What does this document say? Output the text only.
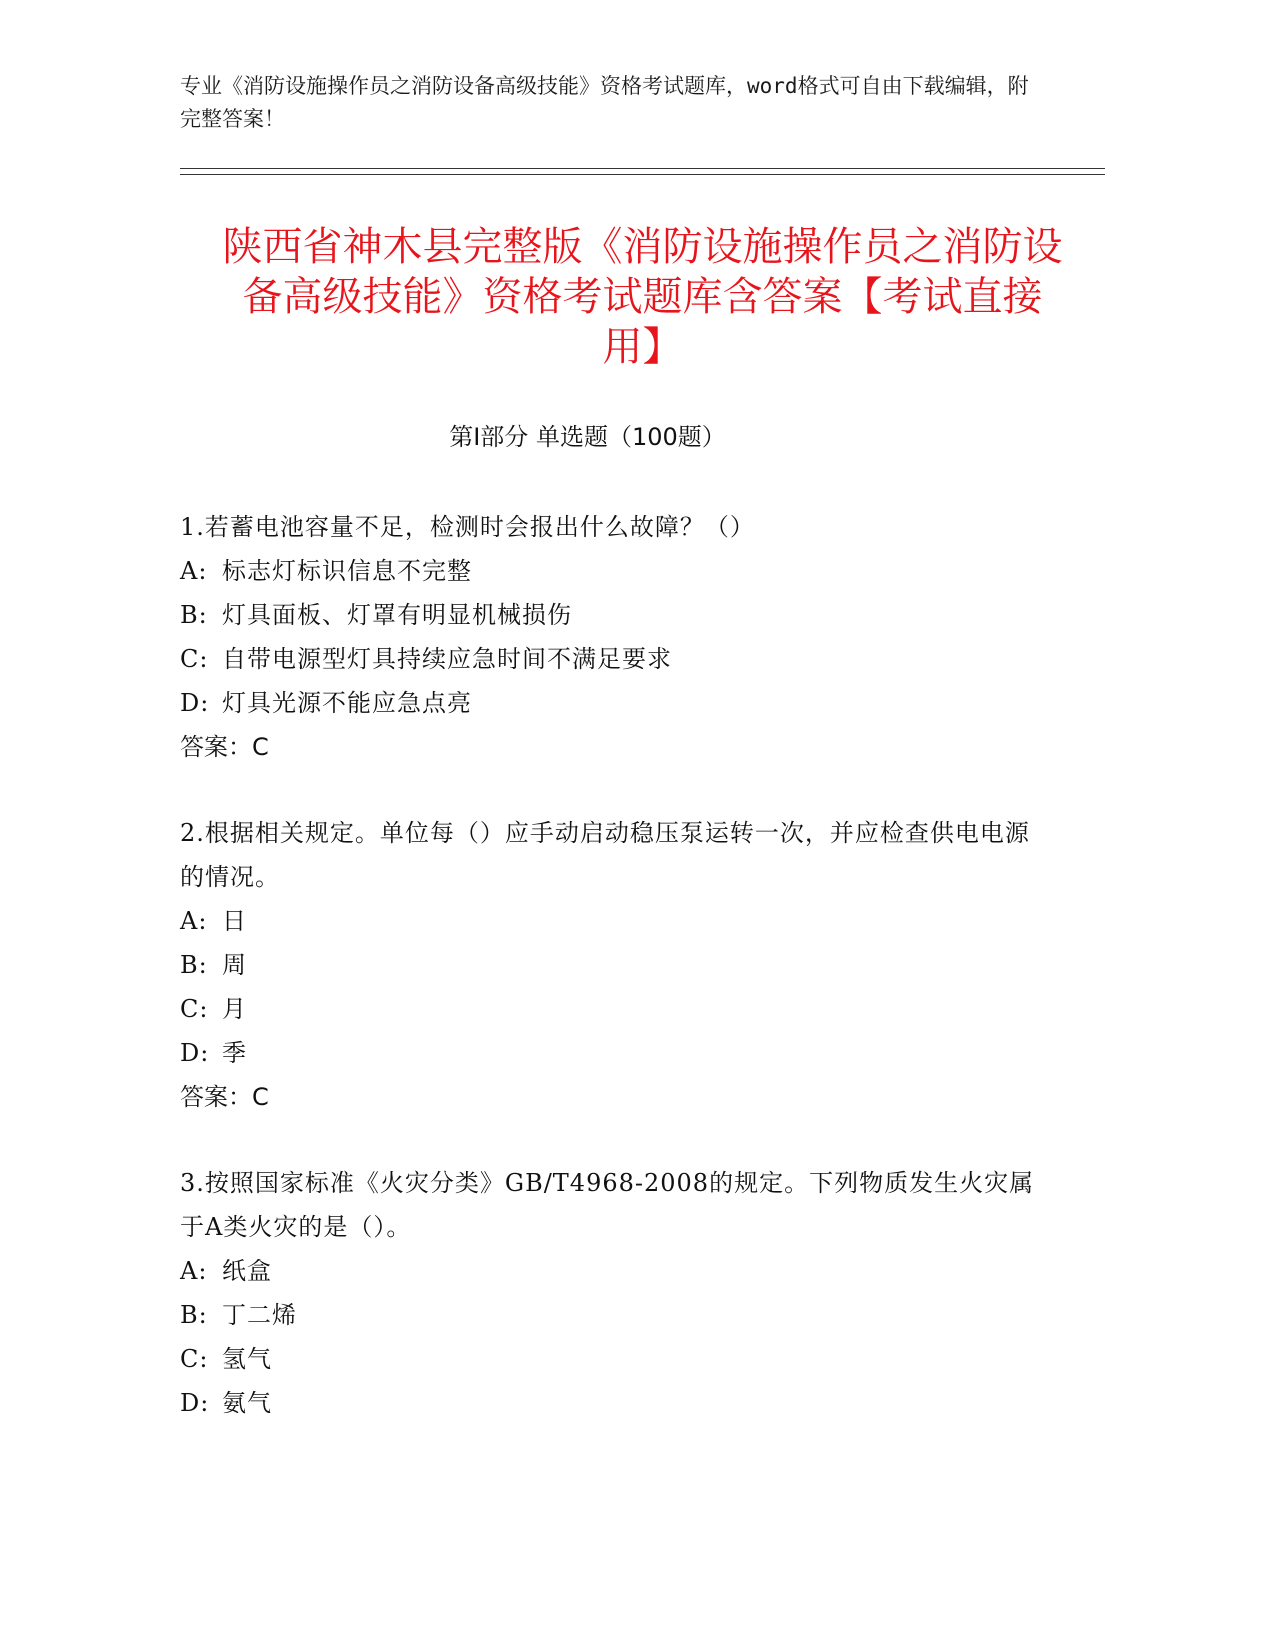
专业《消防设施操作员之消防设备高级技能》资格考试题库，word格式可自由下载编辑，附完整答案！
陕西省神木县完整版《消防设施操作员之消防设备高级技能》资格考试题库含答案【考试直接用】
第Ⅰ部分 单选题（100题）
1.若蓄电池容量不足，检测时会报出什么故障？（）
A: 标志灯标识信息不完整
B: 灯具面板、灯罩有明显机械损伤
C: 自带电源型灯具持续应急时间不满足要求
D: 灯具光源不能应急点亮
答案：C
2.根据相关规定。单位每（）应手动启动稳压泵运转一次，并应检查供电电源的情况。
A: 日
B: 周
C: 月
D: 季
答案：C
3.按照国家标准《火灾分类》GB/T4968-2008的规定。下列物质发生火灾属于A类火灾的是（）。
A: 纸盒
B: 丁二烯
C: 氢气
D: 氨气
